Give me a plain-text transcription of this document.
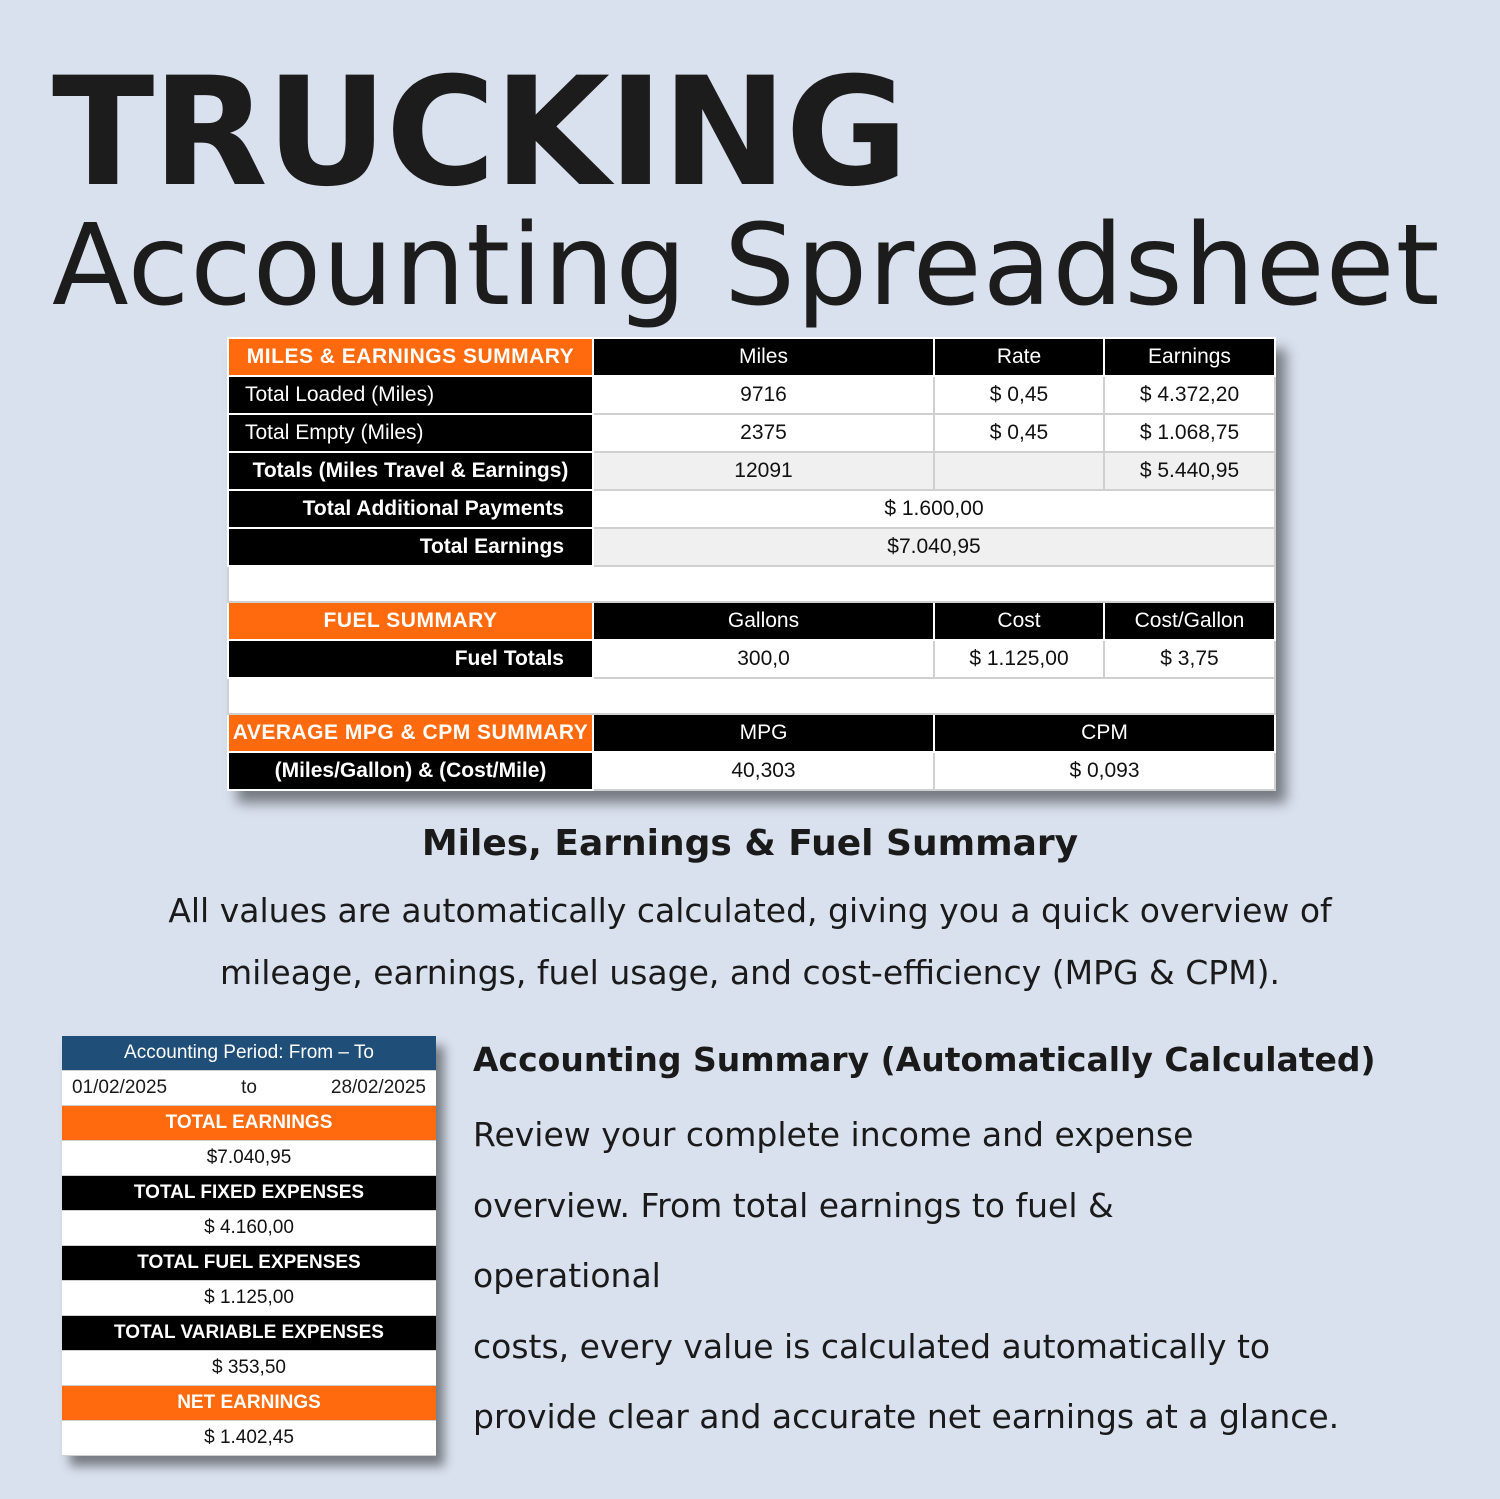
TRUCKING
Accounting Spreadsheet
MILES & EARNINGS SUMMARY	Miles	Rate	Earnings
Total Loaded (Miles)	9716	$ 0,45	$ 4.372,20
Total Empty (Miles)	2375	$ 0,45	$ 1.068,75
Totals (Miles Travel & Earnings)	12091		$ 5.440,95
Total Additional Payments	$ 1.600,00		
Total Earnings	$7.040,95		

FUEL SUMMARY	Gallons	Cost	Cost/Gallon
Fuel Totals	300,0	$ 1.125,00	$ 3,75

AVERAGE MPG & CPM SUMMARY	MPG	CPM	
(Miles/Gallon) & (Cost/Mile)	40,303	$ 0,093	
Miles, Earnings & Fuel Summary
All values are automatically calculated, giving you a quick overview of
mileage, earnings, fuel usage, and cost-efficiency (MPG & CPM).
Accounting Period: From – To
01/02/2025	to	28/02/2025
TOTAL EARNINGS
$7.040,95
TOTAL FIXED EXPENSES
$ 4.160,00
TOTAL FUEL EXPENSES
$ 1.125,00
TOTAL VARIABLE EXPENSES
$ 353,50
NET EARNINGS
$ 1.402,45
Accounting Summary (Automatically Calculated)
Review your complete income and expense
overview. From total earnings to fuel &
operational
costs, every value is calculated automatically to
provide clear and accurate net earnings at a glance.
